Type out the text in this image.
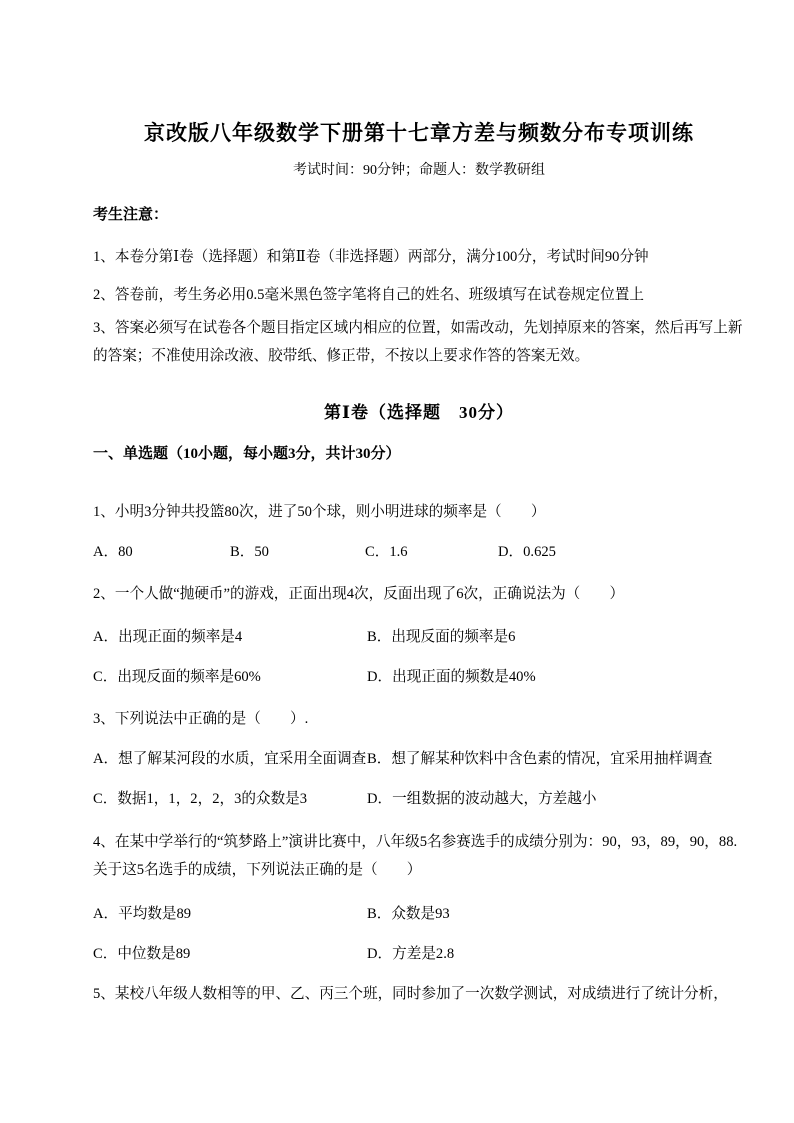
京改版八年级数学下册第十七章方差与频数分布专项训练

考试时间：90分钟；命题人：数学教研组

考生注意：

1、本卷分第Ⅰ卷（选择题）和第Ⅱ卷（非选择题）两部分，满分100分，考试时间90分钟

2、答卷前，考生务必用0.5毫米黑色签字笔将自己的姓名、班级填写在试卷规定位置上

3、答案必须写在试卷各个题目指定区域内相应的位置，如需改动，先划掉原来的答案，然后再写上新的答案；不准使用涂改液、胶带纸、修正带，不按以上要求作答的答案无效。

第Ⅰ卷（选择题　30分）
一、单选题（10小题，每小题3分，共计30分）

1、小明3分钟共投篮80次，进了50个球，则小明进球的频率是（　　）

A．80	B．50	C．1.6	D．0.625

2、一个人做“抛硬币”的游戏，正面出现4次，反面出现了6次，正确说法为（　　）

A．出现正面的频率是4	B．出现反面的频率是6
C．出现反面的频率是60%	D．出现正面的频数是40%

3、下列说法中正确的是（　　）.

A．想了解某河段的水质，宜采用全面调查 B．想了解某种饮料中含色素的情况，宜采用抽样调查
C．数据1，1，2，2，3的众数是3	D．一组数据的波动越大，方差越小

4、在某中学举行的“筑梦路上”演讲比赛中，八年级5名参赛选手的成绩分别为：90，93，89，90，88.关于这5名选手的成绩，下列说法正确的是（　　）

A．平均数是89	B．众数是93
C．中位数是89	D．方差是2.8

5、某校八年级人数相等的甲、乙、丙三个班，同时参加了一次数学测试，对成绩进行了统计分析，
